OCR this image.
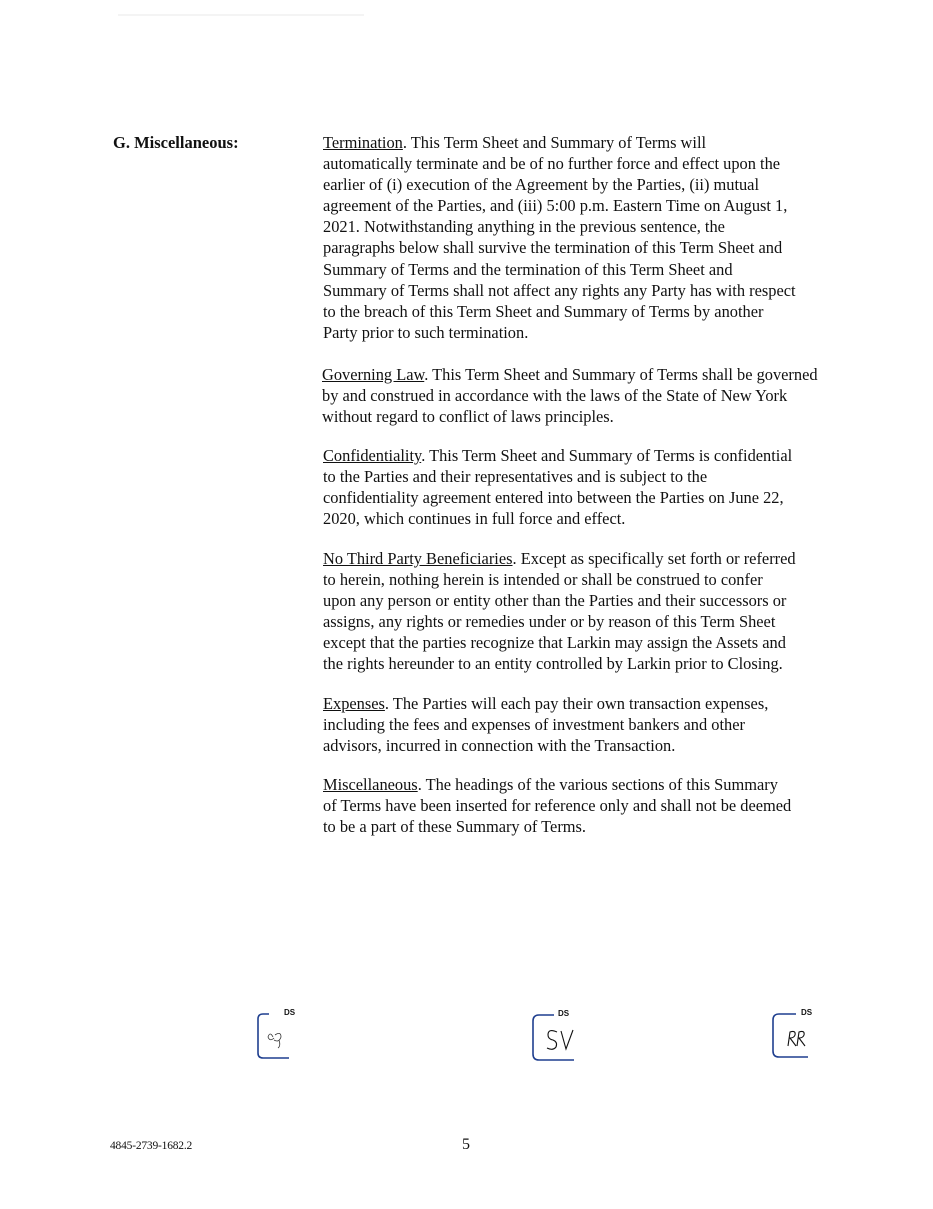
G. Miscellaneous:	Termination. This Term Sheet and Summary of Terms will
automatically terminate and be of no further force and effect upon the
earlier of (i) execution of the Agreement by the Parties, (ii) mutual
agreement of the Parties, and (iii) 5:00 p.m. Eastern Time on August 1,
2021. Notwithstanding anything in the previous sentence, the
paragraphs below shall survive the termination of this Term Sheet and
Summary of Terms and the termination of this Term Sheet and
Summary of Terms shall not affect any rights any Party has with respect
to the breach of this Term Sheet and Summary of Terms by another
Party prior to such termination.
Governing Law. This Term Sheet and Summary of Terms shall be governed
by and construed in accordance with the laws of the State of New York
without regard to conflict of laws principles.
Confidentiality. This Term Sheet and Summary of Terms is confidential
to the Parties and their representatives and is subject to the
confidentiality agreement entered into between the Parties on June 22,
2020, which continues in full force and effect.
No Third Party Beneficiaries. Except as specifically set forth or referred
to herein, nothing herein is intended or shall be construed to confer
upon any person or entity other than the Parties and their successors or
assigns, any rights or remedies under or by reason of this Term Sheet
except that the parties recognize that Larkin may assign the Assets and
the rights hereunder to an entity controlled by Larkin prior to Closing.
Expenses. The Parties will each pay their own transaction expenses,
including the fees and expenses of investment bankers and other
advisors, incurred in connection with the Transaction.
Miscellaneous. The headings of the various sections of this Summary
of Terms have been inserted for reference only and shall not be deemed
to be a part of these Summary of Terms.
DS	DS	DS
4845-2739-1682.2	5
